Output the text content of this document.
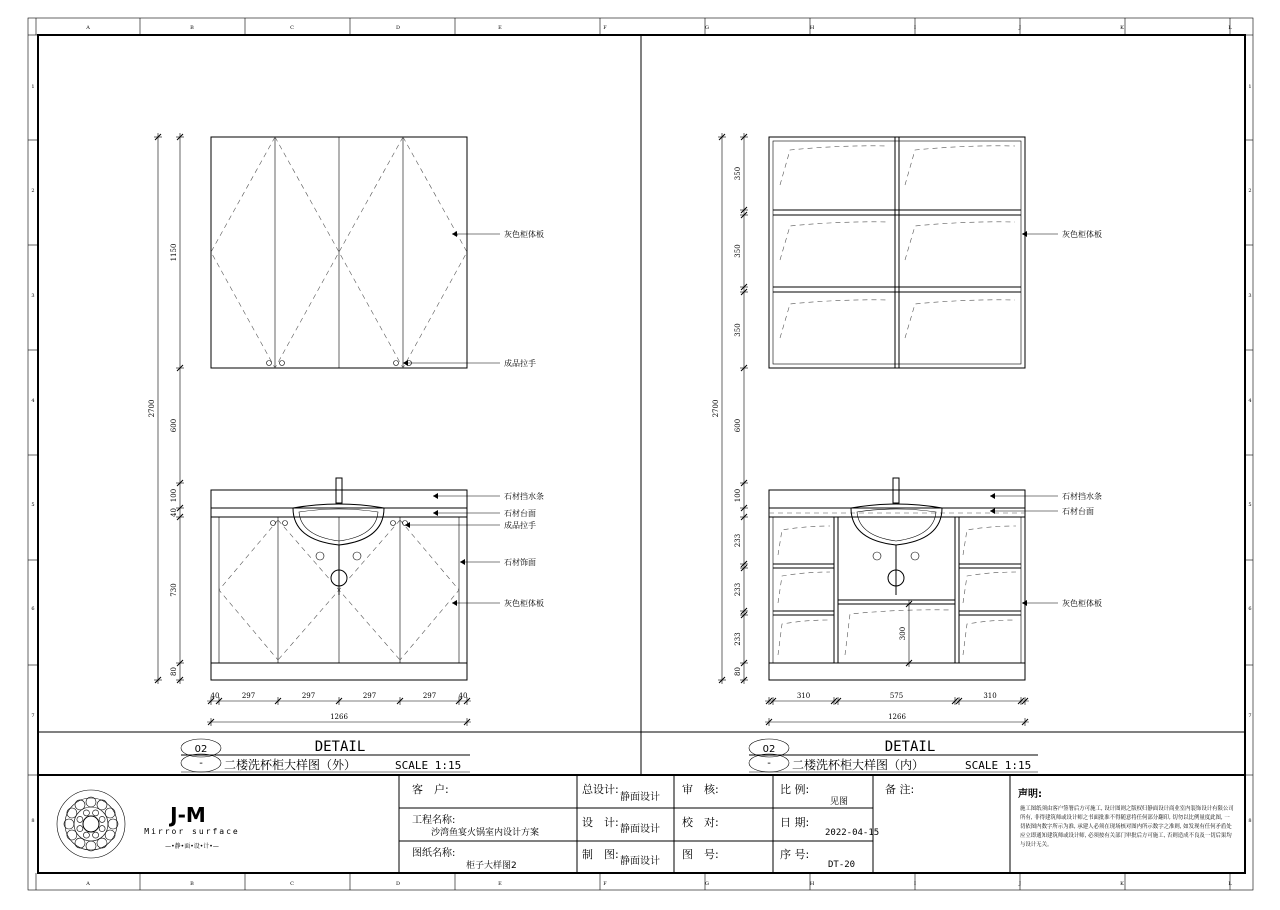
A
A
B
B
C
C
D
D
E
E
F
F
G
G
H
H
I
I
J
J
K
K
L
L
1	1
2	2
3	3
4	4
5	5
6	6
7	7
8	8
1150
600
100
40
730
80
2700
40	297	297	297	297	40
1266
350
350
350
600
100
233
233
233
80
2700
300
310	575	310
1266
灰色柜体板
成品拉手
石材挡水条
石材台面
成品拉手
石材饰面
灰色柜体板
灰色柜体板
石材挡水条
石材台面
灰色柜体板
02
-
DETAIL
二楼洗杯柜大样图（外）	SCALE 1:15
02
-
DETAIL
二楼洗杯柜大样图（内）	SCALE 1:15
J-M
Mirror surface
—•静•面•设•计•—
客　户:
工程名称:
沙湾鱼宴火锅室内设计方案
图纸名称:
柜子大样图2
总设计:
静面设计
设　计:
静面设计
制　图:
静面设计
审　核:
校　对:
图　号:
比 例:
见图
日 期:
2022-04-15
序 号:
DT-20
备 注:	声明:
施工图纸须由客户签署后方可施工, 设计图则之版权归静面设计商业室内装饰设计有限公司
所有, 非得建筑师或设计师之书面批准不得随意将任何部分翻印, 切勿以比例量度此图, 一
切依图内数字所示为准, 承建人必须在现场核对图内所示数字之准则, 如发现有任何矛盾处
应立即通知建筑师或设计师, 必须按有关部门审批后方可施工, 否则造成不良及一切后果均
与设计无关。
